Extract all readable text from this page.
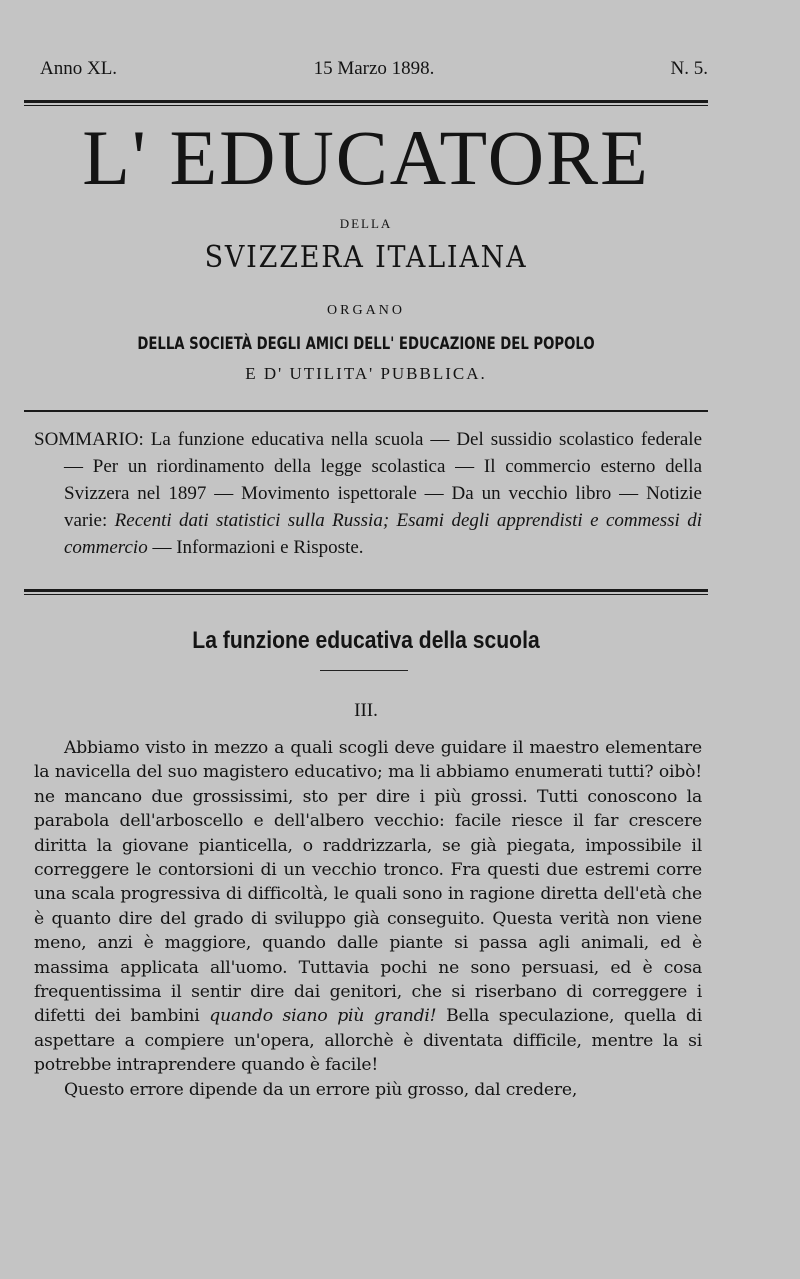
Anno XL.	15 Marzo 1898.	N. 5.
L' EDUCATORE
DELLA
SVIZZERA ITALIANA
ORGANO
DELLA SOCIETÀ DEGLI AMICI DELL' EDUCAZIONE DEL POPOLO
E D' UTILITA' PUBBLICA.
SOMMARIO: La funzione educativa nella scuola — Del sussidio scolastico federale — Per un riordinamento della legge scolastica — Il commercio esterno della Svizzera nel 1897 — Movimento ispettorale — Da un vecchio libro — Notizie varie: Recenti dati statistici sulla Russia; Esami degli apprendisti e commessi di commercio — Informazioni e Risposte.
La funzione educativa della scuola
III.

Abbiamo visto in mezzo a quali scogli deve guidare il maestro elementare la navicella del suo magistero educativo; ma li abbiamo enumerati tutti? oibò! ne mancano due grossissimi, sto per dire i più grossi. Tutti conoscono la parabola dell'arboscello e dell'albero vecchio: facile riesce il far crescere diritta la giovane pianticella, o raddrizzarla, se già piegata, impossibile il correggere le contorsioni di un vecchio tronco. Fra questi due estremi corre una scala progressiva di difficoltà, le quali sono in ragione diretta dell'età che è quanto dire del grado di sviluppo già conseguito. Questa verità non viene meno, anzi è maggiore, quando dalle piante si passa agli animali, ed è massima applicata all'uomo. Tuttavia pochi ne sono persuasi, ed è cosa frequentissima il sentir dire dai genitori, che si riserbano di correggere i difetti dei bambini quando siano più grandi! Bella speculazione, quella di aspettare a compiere un'opera, allorchè è diventata difficile, mentre la si potrebbe intraprendere quando è facile!

Questo errore dipende da un errore più grosso, dal credere,
